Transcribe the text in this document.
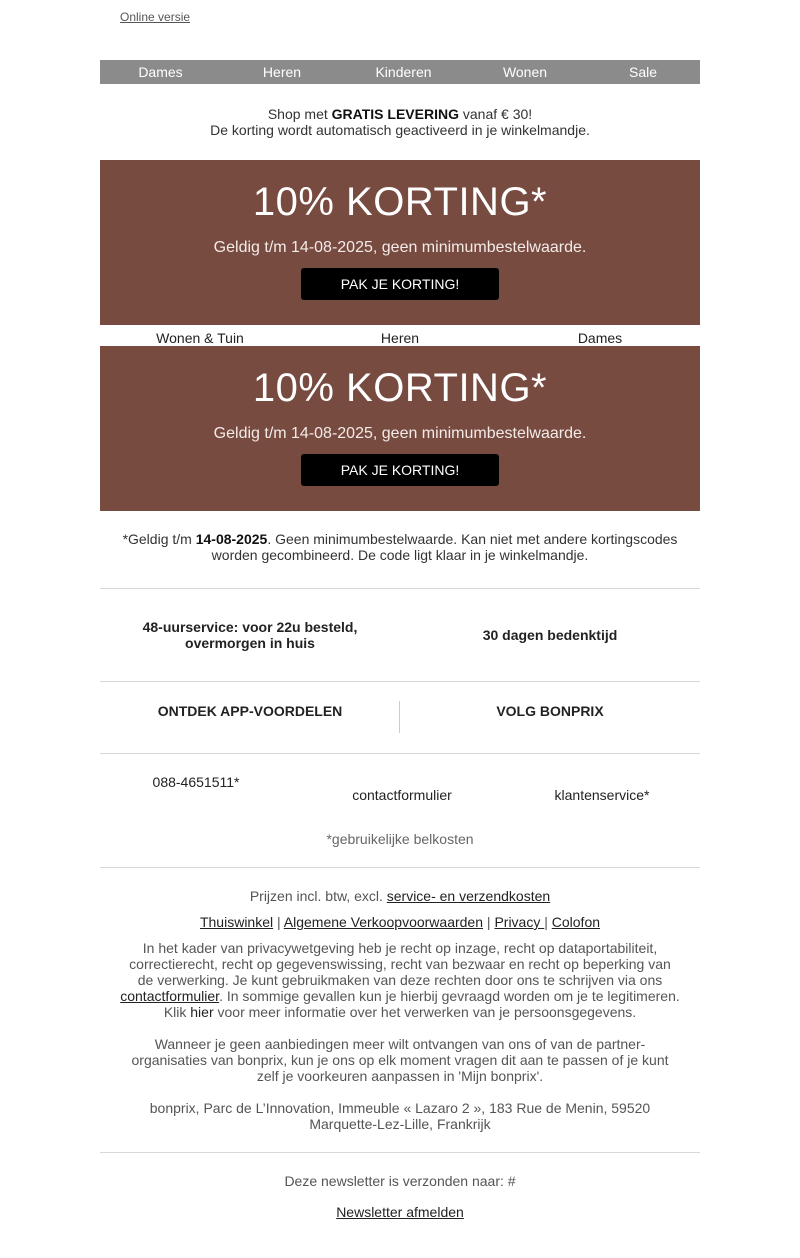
Online versie
Dames	Heren	Kinderen	Wonen	Sale
Shop met GRATIS LEVERING vanaf € 30!
De korting wordt automatisch geactiveerd in je winkelmandje.
10% KORTING*
Geldig t/m 14-08-2025, geen minimumbestelwaarde.
PAK JE KORTING!
Wonen & Tuin	Heren	Dames
10% KORTING*
Geldig t/m 14-08-2025, geen minimumbestelwaarde.
PAK JE KORTING!
*Geldig t/m 14-08-2025. Geen minimumbestelwaarde. Kan niet met andere kortingscodes worden gecombineerd. De code ligt klaar in je winkelmandje.
48-uurservice: voor 22u besteld,
overmorgen in huis	30 dagen bedenktijd
ONTDEK APP-VOORDELEN	VOLG BONPRIX
088-4651511*
contactformulier	klantenservice*
*gebruikelijke belkosten

Prijzen incl. btw, excl. service- en verzendkosten

Thuiswinkel | Algemene Verkoopvoorwaarden | Privacy | Colofon

In het kader van privacywetgeving heb je recht op inzage, recht op dataportabiliteit, correctierecht, recht op gegevenswissing, recht van bezwaar en recht op beperking van de verwerking. Je kunt gebruikmaken van deze rechten door ons te schrijven via ons contactformulier. In sommige gevallen kun je hierbij gevraagd worden om je te legitimeren. Klik hier voor meer informatie over het verwerken van je persoonsgegevens.

Wanneer je geen aanbiedingen meer wilt ontvangen van ons of van de partner-organisaties van bonprix, kun je ons op elk moment vragen dit aan te passen of je kunt zelf je voorkeuren aanpassen in 'Mijn bonprix'.

bonprix, Parc de L’Innovation, Immeuble « Lazaro 2 », 183 Rue de Menin, 59520 Marquette-Lez-Lille, Frankrijk

Deze newsletter is verzonden naar: #
Newsletter afmelden
